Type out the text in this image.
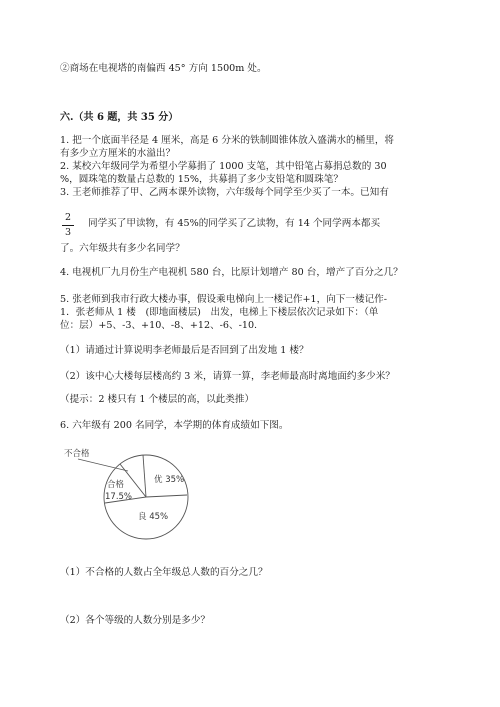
②商场在电视塔的南偏西 45° 方向 1500m 处。
六.（共 6 题，共 35 分）
1. 把一个底面半径是 4 厘米，高是 6 分米的铁制圆锥体放入盛满水的桶里，将
有多少立方厘米的水溢出？
2. 某校六年级同学为希望小学募捐了 1000 支笔，其中铅笔占募捐总数的 30
%，圆珠笔的数量占总数的 15%，共募捐了多少支铅笔和圆珠笔？
3. 王老师推荐了甲、乙两本课外读物，六年级每个同学至少买了一本。已知有
$\frac{2}{3}$ 同学买了甲读物，有 45%的同学买了乙读物，有 14 个同学两本都买
了。六年级共有多少名同学？
4. 电视机厂九月份生产电视机 580 台，比原计划增产 80 台，增产了百分之几？
5. 张老师到我市行政大楼办事，假设乘电梯向上一楼记作+1，向下一楼记作-
1．张老师从 1 楼　(即地面楼层)　出发，电梯上下楼层依次记录如下：（单
位：层）+5、-3、+10、-8、+12、-6、-10.
（1）请通过计算说明李老师最后是否回到了出发地 1 楼？
（2）该中心大楼每层楼高约 3 米，请算一算，李老师最高时离地面约多少米？
（提示：2 楼只有 1 个楼层的高，以此类推）
6. 六年级有 200 名同学，本学期的体育成绩如下图。
不合格
合格
17.5%
优 35%
良 45%
（1）不合格的人数占全年级总人数的百分之几？
（2）各个等级的人数分别是多少？
